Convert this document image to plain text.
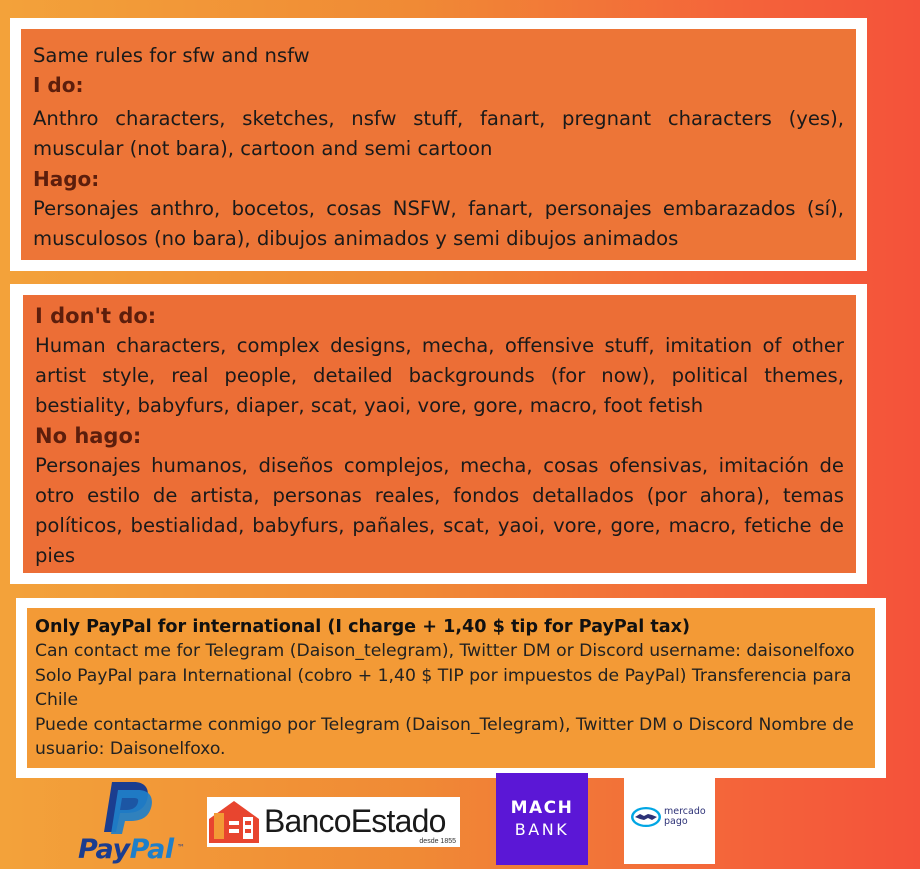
Same rules for sfw and nsfw

I do:

Anthro characters, sketches, nsfw stuff, fanart, pregnant characters (yes), muscular (not bara), cartoon and semi cartoon

Hago:

Personajes anthro, bocetos, cosas NSFW, fanart, personajes embarazados (sí), musculosos (no bara), dibujos animados y semi dibujos animados

I don't do:

Human characters, complex designs, mecha, offensive stuff, imitation of other artist style, real people, detailed backgrounds (for now), political themes, bestiality, babyfurs, diaper, scat, yaoi, vore, gore, macro, foot fetish

No hago:

Personajes humanos, diseños complejos, mecha, cosas ofensivas, imitación de otro estilo de artista, personas reales, fondos detallados (por ahora), temas políticos, bestialidad, babyfurs, pañales, scat, yaoi, vore, gore, macro, fetiche de pies

Only PayPal for international (I charge + 1,40 $ tip for PayPal tax)

Can contact me for Telegram (Daison_telegram), Twitter DM or Discord username: daisonelfoxo

Solo PayPal para International (cobro + 1,40 $ TIP por impuestos de PayPal) Transferencia para Chile

Puede contactarme conmigo por Telegram (Daison_Telegram), Twitter DM o Discord Nombre de usuario: Daisonelfoxo.

PayPal ™
BancoEstado
desde 1855
MACH
BANK
mercado
pago
